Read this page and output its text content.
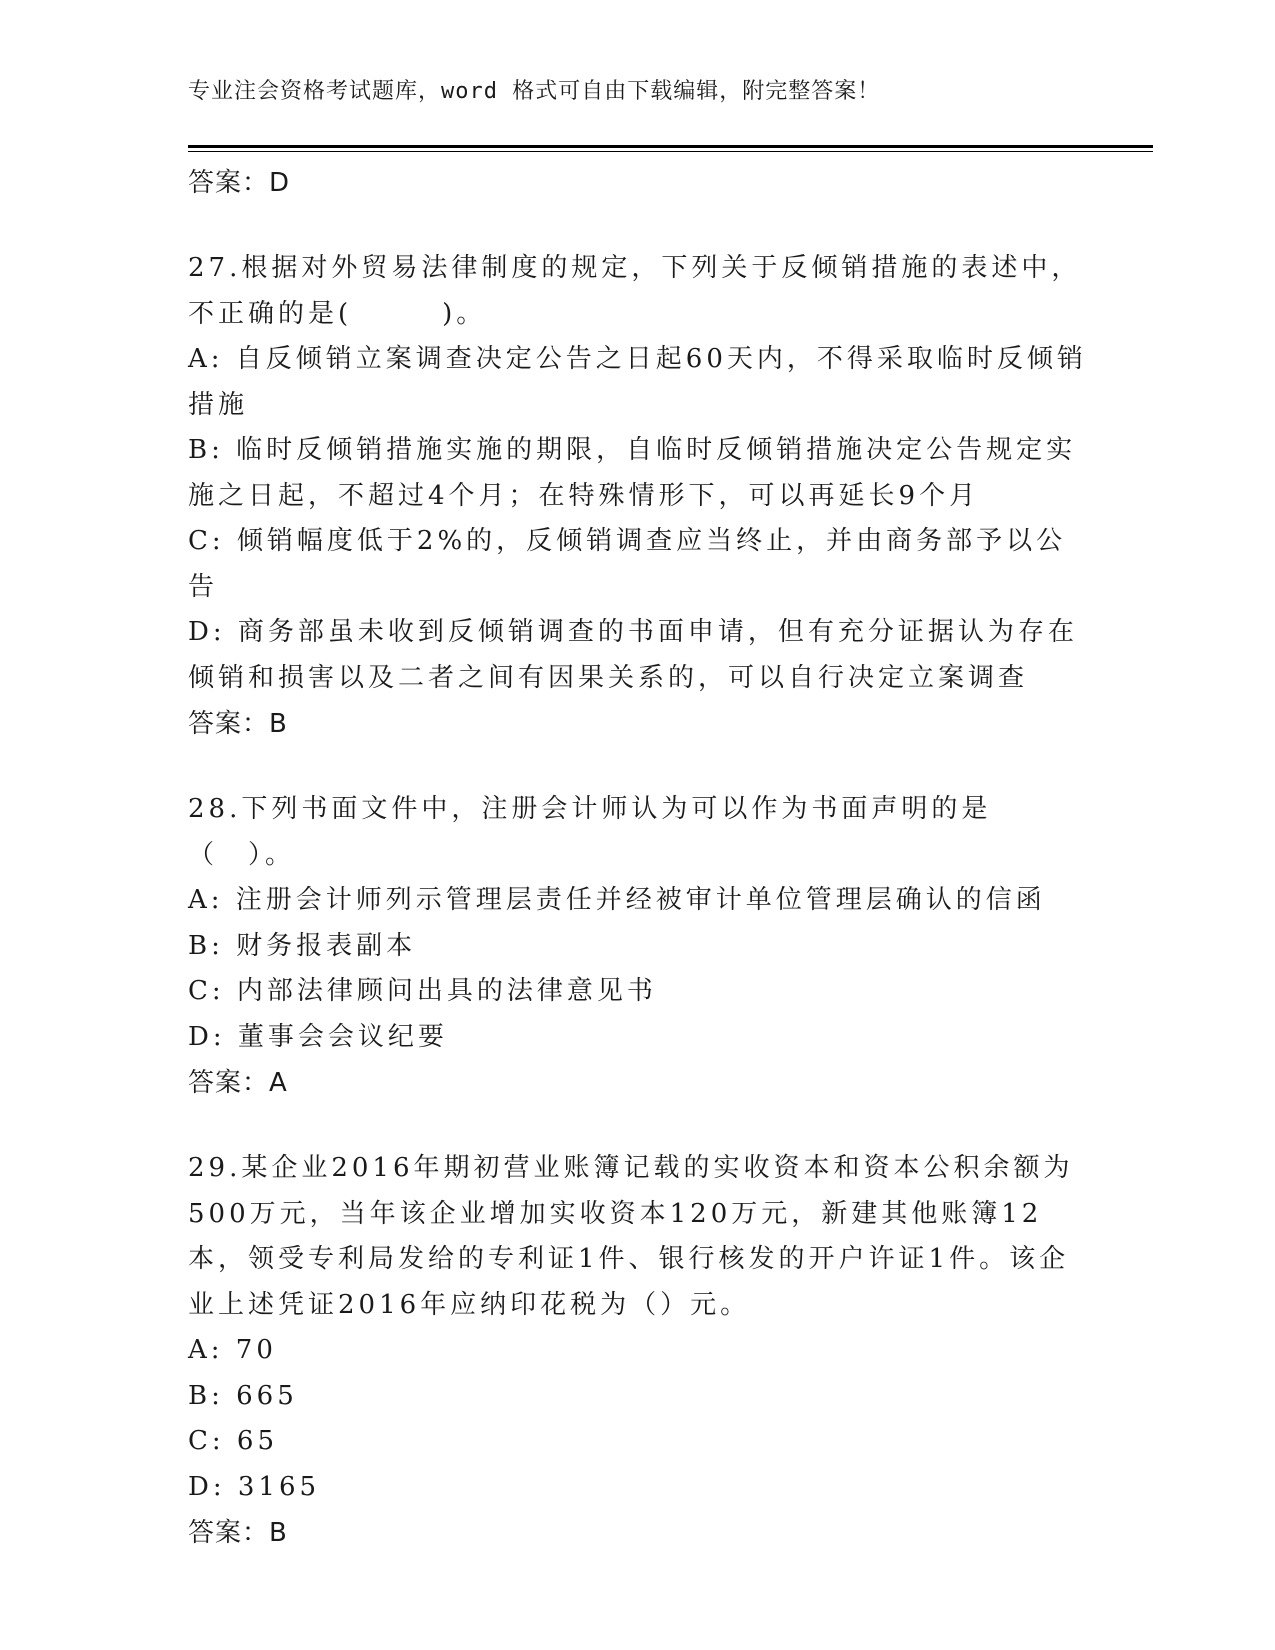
专业注会资格考试题库，word 格式可自由下载编辑，附完整答案！
答案：D
27.根据对外贸易法律制度的规定，下列关于反倾销措施的表述中，不正确的是(　　　)。
A: 自反倾销立案调查决定公告之日起60天内，不得采取临时反倾销措施
B: 临时反倾销措施实施的期限，自临时反倾销措施决定公告规定实施之日起，不超过4个月；在特殊情形下，可以再延长9个月
C: 倾销幅度低于2%的，反倾销调查应当终止，并由商务部予以公告
D: 商务部虽未收到反倾销调查的书面申请，但有充分证据认为存在倾销和损害以及二者之间有因果关系的，可以自行决定立案调查
答案：B
28.下列书面文件中，注册会计师认为可以作为书面声明的是（　）。
A: 注册会计师列示管理层责任并经被审计单位管理层确认的信函
B: 财务报表副本
C: 内部法律顾问出具的法律意见书
D: 董事会会议纪要
答案：A
29.某企业2016年期初营业账簿记载的实收资本和资本公积余额为500万元，当年该企业增加实收资本120万元，新建其他账簿12本，领受专利局发给的专利证1件、银行核发的开户许证1件。该企业上述凭证2016年应纳印花税为（）元。
A: 70
B: 665
C: 65
D: 3165
答案：B
